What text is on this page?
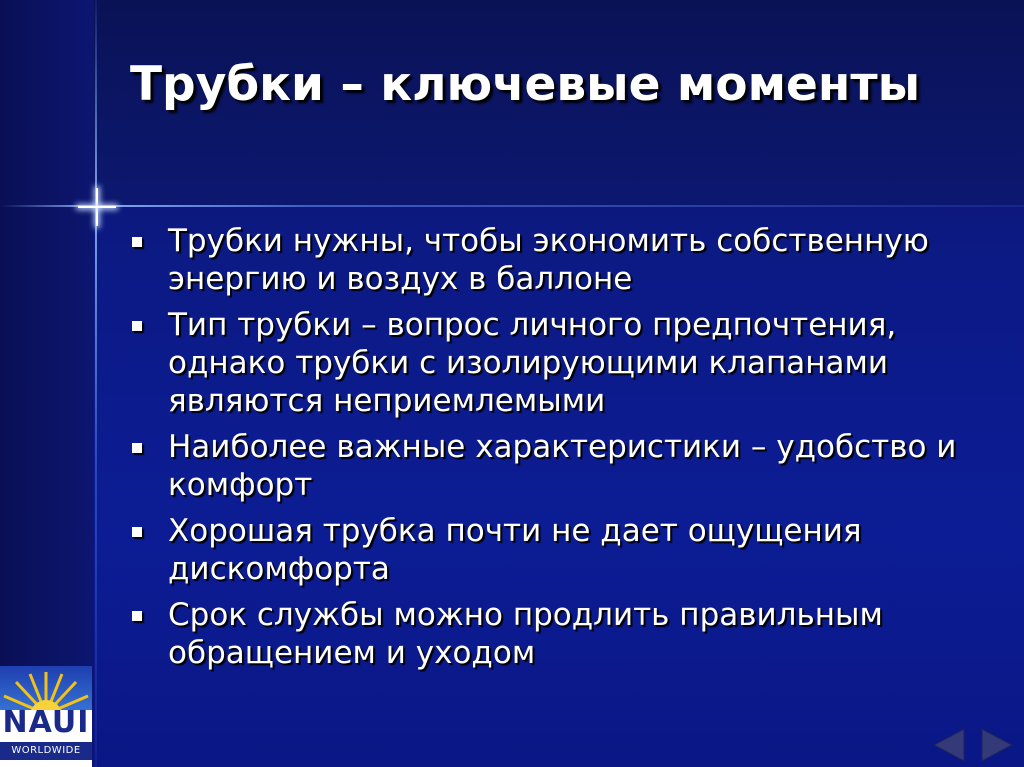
Трубки – ключевые моменты
Трубки нужны, чтобы экономить собственную энергию и воздух в баллоне
Тип трубки – вопрос личного предпочтения, однако трубки с изолирующими клапанами являются неприемлемыми
Наиболее важные характеристики – удобство и комфорт
Хорошая трубка почти не дает ощущения дискомфорта
Срок службы можно продлить правильным обращением и уходом
NAUI
WORLDWIDE
